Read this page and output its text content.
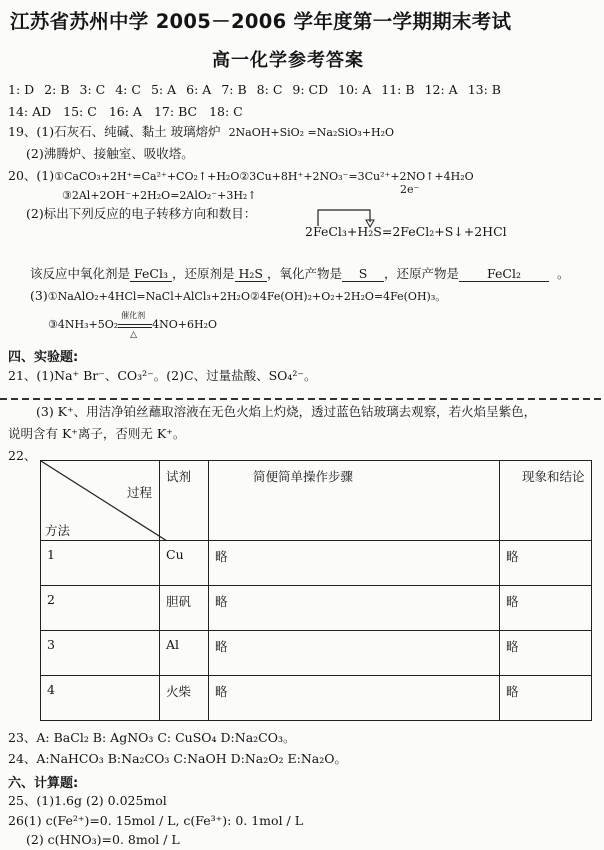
江苏省苏州中学 2005－2006 学年度第一学期期末考试
高一化学参考答案
1: D 2: B 3: C 4: C 5: A 6: A 7: B 8: C 9: CD 10: A 11: B 12: A 13: B
14: AD 15: C 16: A 17: BC 18: C
19、(1)石灰石、纯碱、黏土 玻璃熔炉 2NaOH+SiO₂ =Na₂SiO₃+H₂O
(2)沸腾炉、接触室、吸收塔。
20、(1)①CaCO₃+2H⁺=Ca²⁺+CO₂↑+H₂O②3Cu+8H⁺+2NO₃⁻=3Cu²⁺+2NO↑+4H₂O
③2Al+2OH⁻+2H₂O=2AlO₂⁻+3H₂↑	2e⁻
(2)标出下列反应的电子转移方向和数目：
2FeCl₃+H₂S=2FeCl₂+S↓+2HCl
该反应中氧化剂是 FeCl₃ ，还原剂是 H₂S ，氧化产物是 S ，还原产物是 FeCl₂	。
(3)①NaAlO₂+4HCl=NaCl+AlCl₃+2H₂O②4Fe(OH)₂+O₂+2H₂O=4Fe(OH)₃。
③4NH₃+5O₂
催化剂
△
4NO+6H₂O
四、实验题:
21、(1)Na⁺ Br⁻、CO₃²⁻。(2)C、过量盐酸、SO₄²⁻。
(3) K⁺、用洁净铂丝蘸取溶液在无色火焰上灼烧，透过蓝色钴玻璃去观察，若火焰呈紫色，
说明含有 K⁺离子，否则无 K⁺。
22、
过程
方法	试剂	简便简单操作步骤	现象和结论
1	Cu	略	略
2	胆矾	略	略
3	Al	略	略
4	火柴	略	略
23、A: BaCl₂ B: AgNO₃ C: CuSO₄ D:Na₂CO₃。
24、A:NaHCO₃ B:Na₂CO₃ C:NaOH D:Na₂O₂ E:Na₂O。
六、计算题:
25、(1)1.6g (2) 0.025mol
26(1) c(Fe²⁺)=0. 15mol / L, c(Fe³⁺): 0. 1mol / L
(2) c(HNO₃)=0. 8mol / L
